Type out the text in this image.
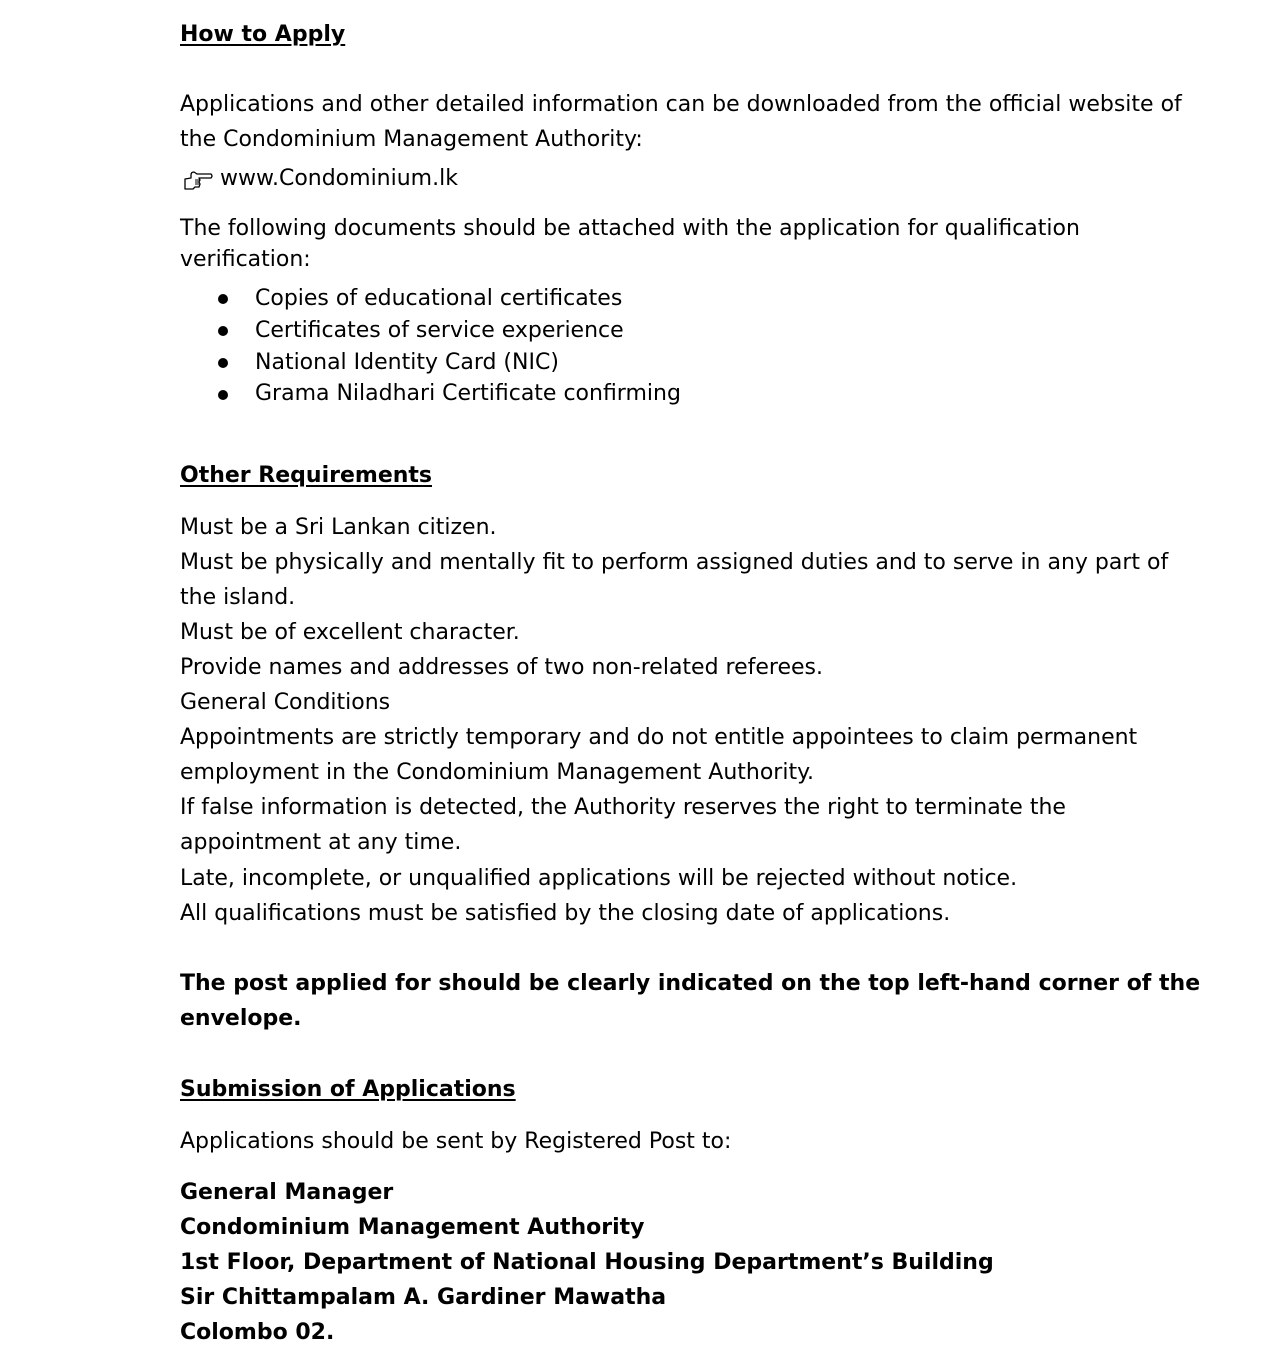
How to Apply
Applications and other detailed information can be downloaded from the official website of
the Condominium Management Authority:
www.Condominium.lk
The following documents should be attached with the application for qualification
verification:
Copies of educational certificates
Certificates of service experience
National Identity Card (NIC)
Grama Niladhari Certificate confirming
Other Requirements
Must be a Sri Lankan citizen.
Must be physically and mentally fit to perform assigned duties and to serve in any part of
the island.
Must be of excellent character.
Provide names and addresses of two non-related referees.
General Conditions
Appointments are strictly temporary and do not entitle appointees to claim permanent
employment in the Condominium Management Authority.
If false information is detected, the Authority reserves the right to terminate the
appointment at any time.
Late, incomplete, or unqualified applications will be rejected without notice.
All qualifications must be satisfied by the closing date of applications.
The post applied for should be clearly indicated on the top left-hand corner of the
envelope.
Submission of Applications
Applications should be sent by Registered Post to:
General Manager
Condominium Management Authority
1st Floor, Department of National Housing Department’s Building
Sir Chittampalam A. Gardiner Mawatha
Colombo 02.
